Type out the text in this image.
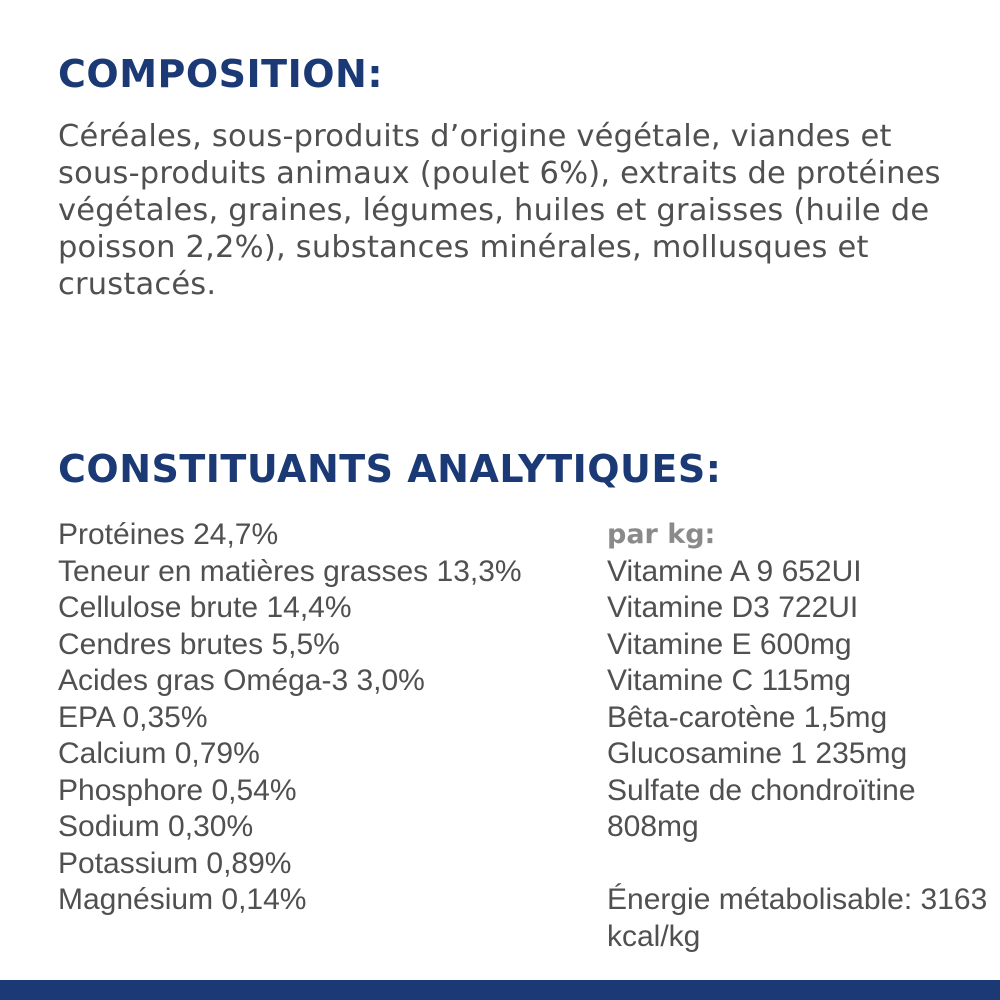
COMPOSITION:

Céréales, sous-produits d’origine végétale, viandes et sous-produits animaux (poulet 6%), extraits de protéines végétales, graines, légumes, huiles et graisses (huile de poisson 2,2%), substances minérales, mollusques et crustacés.

CONSTITUANTS ANALYTIQUES:
Protéines 24,7%
Teneur en matières grasses 13,3%
Cellulose brute 14,4%
Cendres brutes 5,5%
Acides gras Oméga-3 3,0%
EPA 0,35%
Calcium 0,79%
Phosphore 0,54%
Sodium 0,30%
Potassium 0,89%
Magnésium 0,14%
par kg:
Vitamine A 9 652UI
Vitamine D3 722UI
Vitamine E 600mg
Vitamine C 115mg
Bêta-carotène 1,5mg
Glucosamine 1 235mg
Sulfate de chondroïtine 808mg
Énergie métabolisable: 3163 kcal/kg
